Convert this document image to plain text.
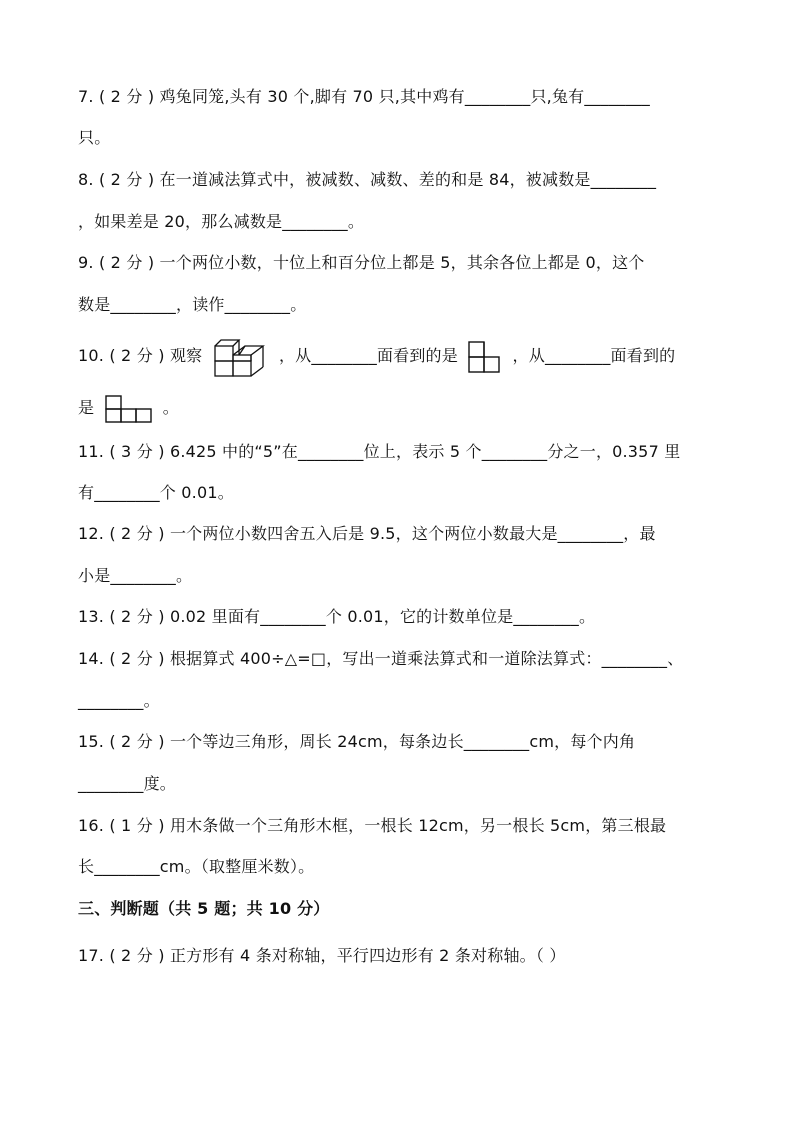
7. ( 2 分 ) 鸡兔同笼,头有 30 个,脚有 70 只,其中鸡有________只,兔有________
只。
8. ( 2 分 ) 在一道减法算式中，被减数、减数、差的和是 84，被减数是________
，如果差是 20，那么减数是________。
9. ( 2 分 ) 一个两位小数，十位上和百分位上都是 5，其余各位上都是 0，这个
数是________，读作________。
10. ( 2 分 ) 观察	，从________面看到的是	，从________面看到的
是	。
11. ( 3 分 ) 6.425 中的“5”在________位上，表示 5 个________分之一，0.357 里
有________个 0.01。
12. ( 2 分 ) 一个两位小数四舍五入后是 9.5，这个两位小数最大是________，最
小是________。
13. ( 2 分 ) 0.02 里面有________个 0.01，它的计数单位是________。
14. ( 2 分 ) 根据算式 400÷△=□，写出一道乘法算式和一道除法算式：________、
________。
15. ( 2 分 ) 一个等边三角形，周长 24cm，每条边长________cm，每个内角
________度。
16. ( 1 分 ) 用木条做一个三角形木框，一根长 12cm，另一根长 5cm，第三根最
长________cm。（取整厘米数）。
三、判断题（共 5 题；共 10 分）
17. ( 2 分 ) 正方形有 4 条对称轴，平行四边形有 2 条对称轴。（ ）
